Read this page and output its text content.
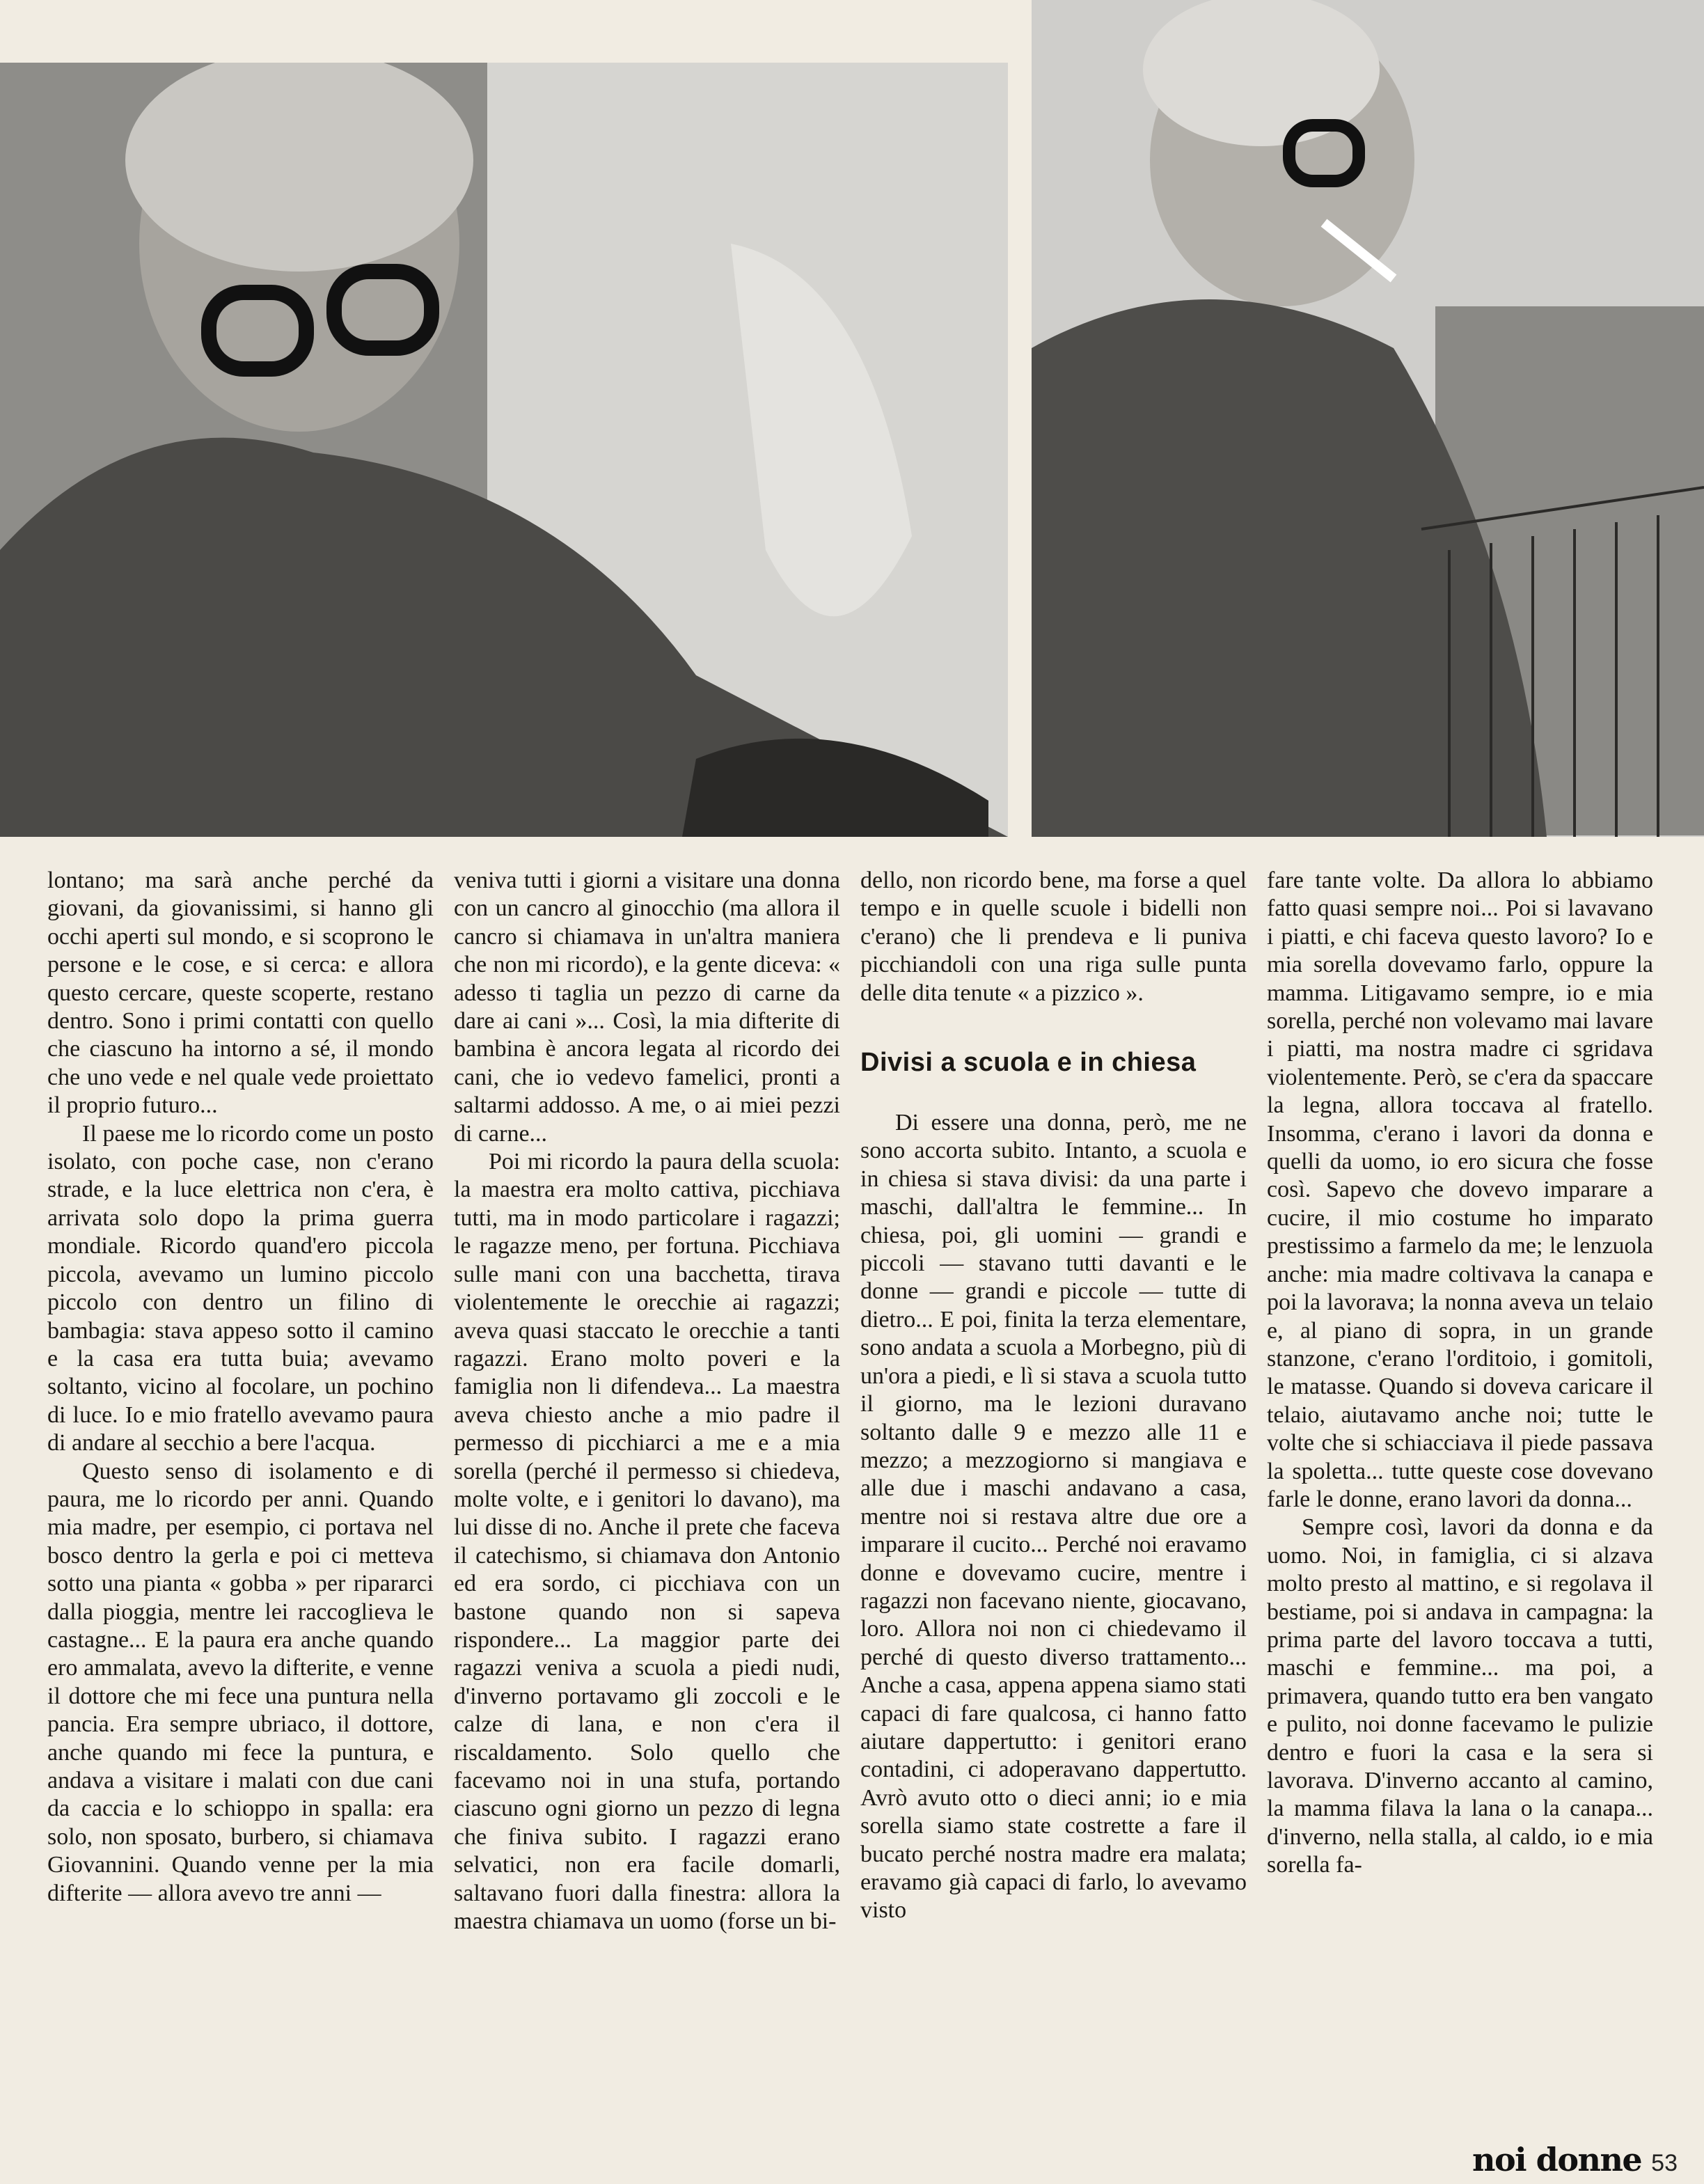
lontano; ma sarà anche perché da giovani, da giovanissimi, si hanno gli occhi aperti sul mondo, e si scoprono le persone e le cose, e si cerca: e allora questo cercare, queste scoperte, restano dentro. Sono i primi contatti con quello che ciascuno ha intorno a sé, il mondo che uno vede e nel quale vede proiettato il proprio futuro...

Il paese me lo ricordo come un posto isolato, con poche case, non c'erano strade, e la luce elettrica non c'era, è arrivata solo dopo la prima guerra mondiale. Ricordo quand'ero piccola piccola, avevamo un lumino piccolo piccolo con dentro un filino di bambagia: stava appeso sotto il camino e la casa era tutta buia; avevamo soltanto, vicino al focolare, un pochino di luce. Io e mio fratello avevamo paura di andare al secchio a bere l'acqua.

Questo senso di isolamento e di paura, me lo ricordo per anni. Quando mia madre, per esempio, ci portava nel bosco dentro la gerla e poi ci metteva sotto una pianta « gobba » per ripararci dalla pioggia, mentre lei raccoglieva le castagne... E la paura era anche quando ero ammalata, avevo la difterite, e venne il dottore che mi fece una puntura nella pancia. Era sempre ubriaco, il dottore, anche quando mi fece la puntura, e andava a visitare i malati con due cani da caccia e lo schioppo in spalla: era solo, non sposato, burbero, si chiamava Giovannini. Quando venne per la mia difterite — allora avevo tre anni —

veniva tutti i giorni a visitare una donna con un cancro al ginocchio (ma allora il cancro si chiamava in un'altra maniera che non mi ricordo), e la gente diceva: « adesso ti taglia un pezzo di carne da dare ai cani »... Così, la mia difterite di bambina è ancora legata al ricordo dei cani, che io vedevo famelici, pronti a saltarmi addosso. A me, o ai miei pezzi di carne...

Poi mi ricordo la paura della scuola: la maestra era molto cattiva, picchiava tutti, ma in modo particolare i ragazzi; le ragazze meno, per fortuna. Picchiava sulle mani con una bacchetta, tirava violentemente le orecchie ai ragazzi; aveva quasi staccato le orecchie a tanti ragazzi. Erano molto poveri e la famiglia non li difendeva... La maestra aveva chiesto anche a mio padre il permesso di picchiarci a me e a mia sorella (perché il permesso si chiedeva, molte volte, e i genitori lo davano), ma lui disse di no. Anche il prete che faceva il catechismo, si chiamava don Antonio ed era sordo, ci picchiava con un bastone quando non si sapeva rispondere... La maggior parte dei ragazzi veniva a scuola a piedi nudi, d'inverno portavamo gli zoccoli e le calze di lana, e non c'era il riscaldamento. Solo quello che facevamo noi in una stufa, portando ciascuno ogni giorno un pezzo di legna che finiva subito. I ragazzi erano selvatici, non era facile domarli, saltavano fuori dalla finestra: allora la maestra chiamava un uomo (forse un bi-

dello, non ricordo bene, ma forse a quel tempo e in quelle scuole i bidelli non c'erano) che li prendeva e li puniva picchiandoli con una riga sulle punta delle dita tenute « a pizzico ».

Divisi a scuola e in chiesa

Di essere una donna, però, me ne sono accorta subito. Intanto, a scuola e in chiesa si stava divisi: da una parte i maschi, dall'altra le femmine... In chiesa, poi, gli uomini — grandi e piccoli — stavano tutti davanti e le donne — grandi e piccole — tutte di dietro... E poi, finita la terza elementare, sono andata a scuola a Morbegno, più di un'ora a piedi, e lì si stava a scuola tutto il giorno, ma le lezioni duravano soltanto dalle 9 e mezzo alle 11 e mezzo; a mezzogiorno si mangiava e alle due i maschi andavano a casa, mentre noi si restava altre due ore a imparare il cucito... Perché noi eravamo donne e dovevamo cucire, mentre i ragazzi non facevano niente, giocavano, loro. Allora noi non ci chiedevamo il perché di questo diverso trattamento... Anche a casa, appena appena siamo stati capaci di fare qualcosa, ci hanno fatto aiutare dappertutto: i genitori erano contadini, ci adoperavano dappertutto. Avrò avuto otto o dieci anni; io e mia sorella siamo state costrette a fare il bucato perché nostra madre era malata; eravamo già capaci di farlo, lo avevamo visto

fare tante volte. Da allora lo abbiamo fatto quasi sempre noi... Poi si lavavano i piatti, e chi faceva questo lavoro? Io e mia sorella dovevamo farlo, oppure la mamma. Litigavamo sempre, io e mia sorella, perché non volevamo mai lavare i piatti, ma nostra madre ci sgridava violentemente. Però, se c'era da spaccare la legna, allora toccava al fratello. Insomma, c'erano i lavori da donna e quelli da uomo, io ero sicura che fosse così. Sapevo che dovevo imparare a cucire, il mio costume ho imparato prestissimo a farmelo da me; le lenzuola anche: mia madre coltivava la canapa e poi la lavorava; la nonna aveva un telaio e, al piano di sopra, in un grande stanzone, c'erano l'orditoio, i gomitoli, le matasse. Quando si doveva caricare il telaio, aiutavamo anche noi; tutte le volte che si schiacciava il piede passava la spoletta... tutte queste cose dovevano farle le donne, erano lavori da donna...

Sempre così, lavori da donna e da uomo. Noi, in famiglia, ci si alzava molto presto al mattino, e si regolava il bestiame, poi si andava in campagna: la prima parte del lavoro toccava a tutti, maschi e femmine... ma poi, a primavera, quando tutto era ben vangato e pulito, noi donne facevamo le pulizie dentro e fuori la casa e la sera si lavorava. D'inverno accanto al camino, la mamma filava la lana o la canapa... d'inverno, nella stalla, al caldo, io e mia sorella fa-

noi donne 53
